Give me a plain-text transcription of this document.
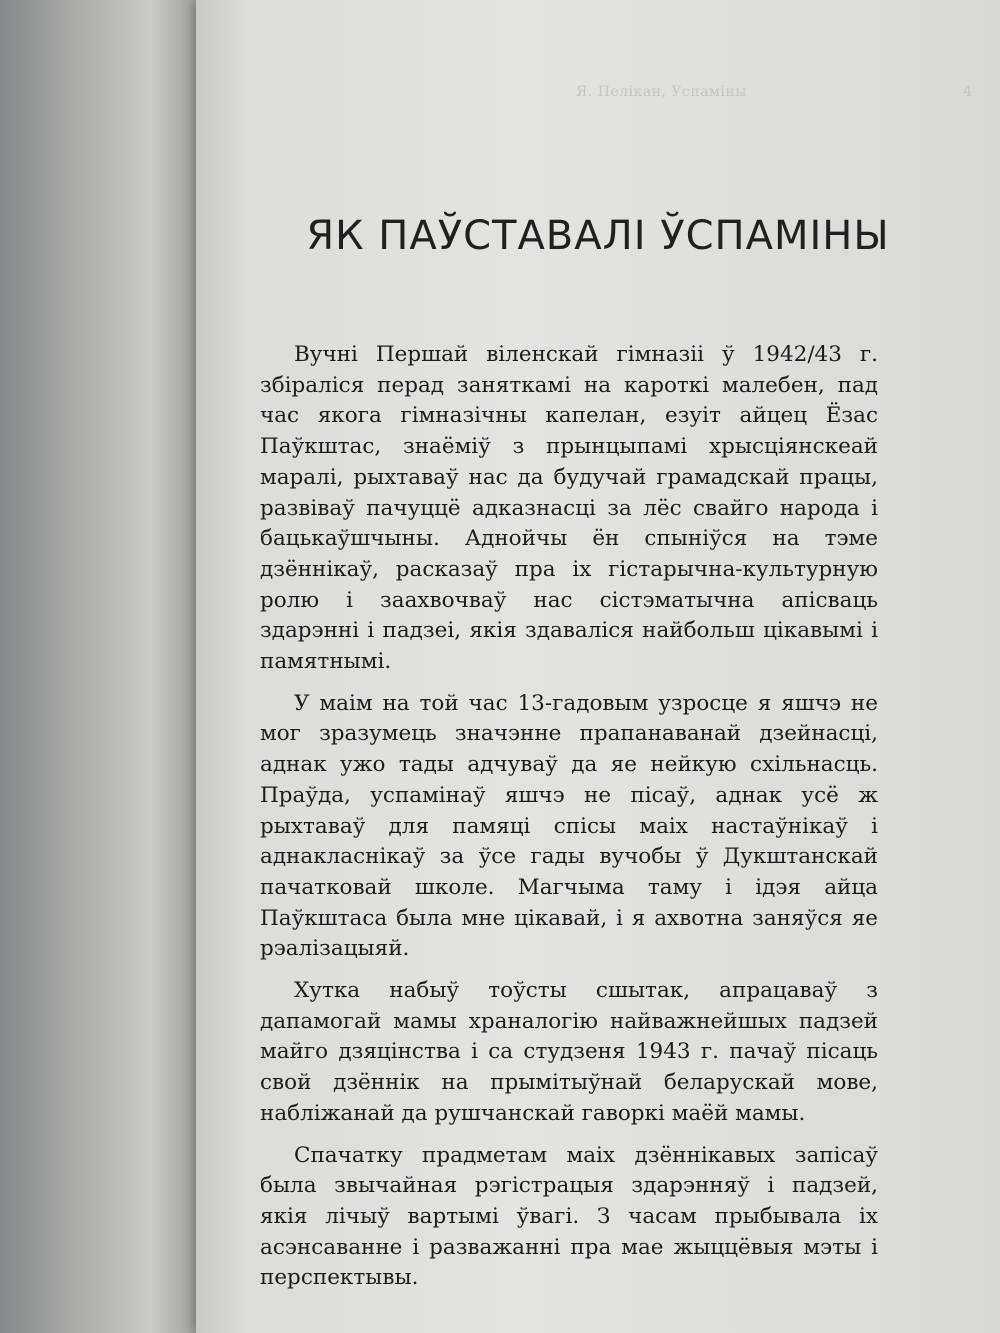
Я. Пелікан, Успаміны	4
ЯК ПАЎСТАВАЛІ ЎСПАМІНЫ

Вучні Першай віленскай гімназіі ў 1942/43 г. збіраліся перад заняткамі на кароткі малебен, пад час якога гімназічны капелан, езуіт айцец Ёзас Паўкштас, знаёміў з прынцыпамі хрысціянскеай маралі, рыхтаваў нас да будучай грамадскай працы, развіваў пачуццё адказнасці за лёс свайго народа і бацькаўшчыны. Аднойчы ён спыніўся на тэме дзённікаў, расказаў пра іх гістарычна-культурную ролю і заахвочваў нас сістэматычна апісваць здарэнні і падзеі, якія здаваліся найбольш цікавымі і памятнымі.

У маім на той час 13-гадовым узросце я яшчэ не мог зразумець значэнне прапанаванай дзейнасці, аднак ужо тады адчуваў да яе нейкую схільнасць. Праўда, успамінаў яшчэ не пісаў, аднак усё ж рыхтаваў для памяці спісы маіх настаўнікаў і аднакласнікаў за ўсе гады вучобы ў Дукштанскай пачатковай школе. Магчыма таму і ідэя айца Паўкштаса была мне цікавай, і я ахвотна заняўся яе рэалізацыяй.

Хутка набыў тоўсты сшытак, апрацаваў з дапамогай мамы храналогію найважнейшых падзей майго дзяцінства і са студзеня 1943 г. пачаў пісаць свой дзённік на прымітыўнай беларускай мове, набліжанай да рушчанскай гаворкі маёй мамы.

Спачатку прадметам маіх дзённікавых запісаў была звычайная рэгістрацыя здарэнняў і падзей, якія лічыў вартымі ўвагі. З часам прыбывала іх асэнсаванне і разважанні пра мае жыццёвыя мэты і перспектывы.
